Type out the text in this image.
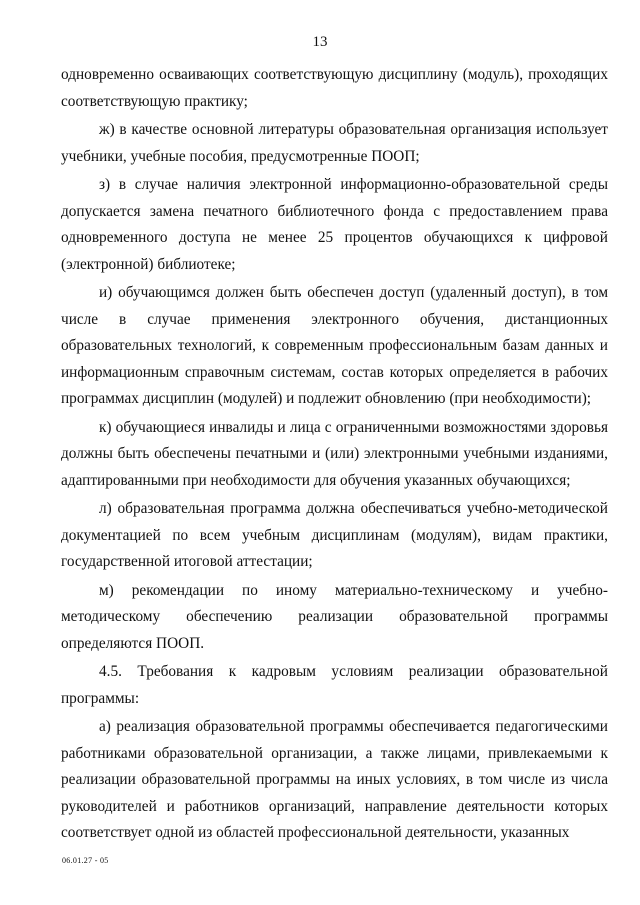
13

одновременно осваивающих соответствующую дисциплину (модуль), проходящих соответствующую практику;

ж) в качестве основной литературы образовательная организация использует учебники, учебные пособия, предусмотренные ПООП;

з) в случае наличия электронной информационно-образовательной среды допускается замена печатного библиотечного фонда с предоставлением права одновременного доступа не менее 25 процентов обучающихся к цифровой (электронной) библиотеке;

и) обучающимся должен быть обеспечен доступ (удаленный доступ), в том числе в случае применения электронного обучения, дистанционных образовательных технологий, к современным профессиональным базам данных и информационным справочным системам, состав которых определяется в рабочих программах дисциплин (модулей) и подлежит обновлению (при необходимости);

к) обучающиеся инвалиды и лица с ограниченными возможностями здоровья должны быть обеспечены печатными и (или) электронными учебными изданиями, адаптированными при необходимости для обучения указанных обучающихся;

л) образовательная программа должна обеспечиваться учебно-методической документацией по всем учебным дисциплинам (модулям), видам практики, государственной итоговой аттестации;

м) рекомендации по иному материально-техническому и учебно-методическому обеспечению реализации образовательной программы определяются ПООП.

4.5. Требования к кадровым условиям реализации образовательной программы:

а) реализация образовательной программы обеспечивается педагогическими работниками образовательной организации, а также лицами, привлекаемыми к реализации образовательной программы на иных условиях, в том числе из числа руководителей и работников организаций, направление деятельности которых соответствует одной из областей профессиональной деятельности, указанных

06.01.27 - 05
